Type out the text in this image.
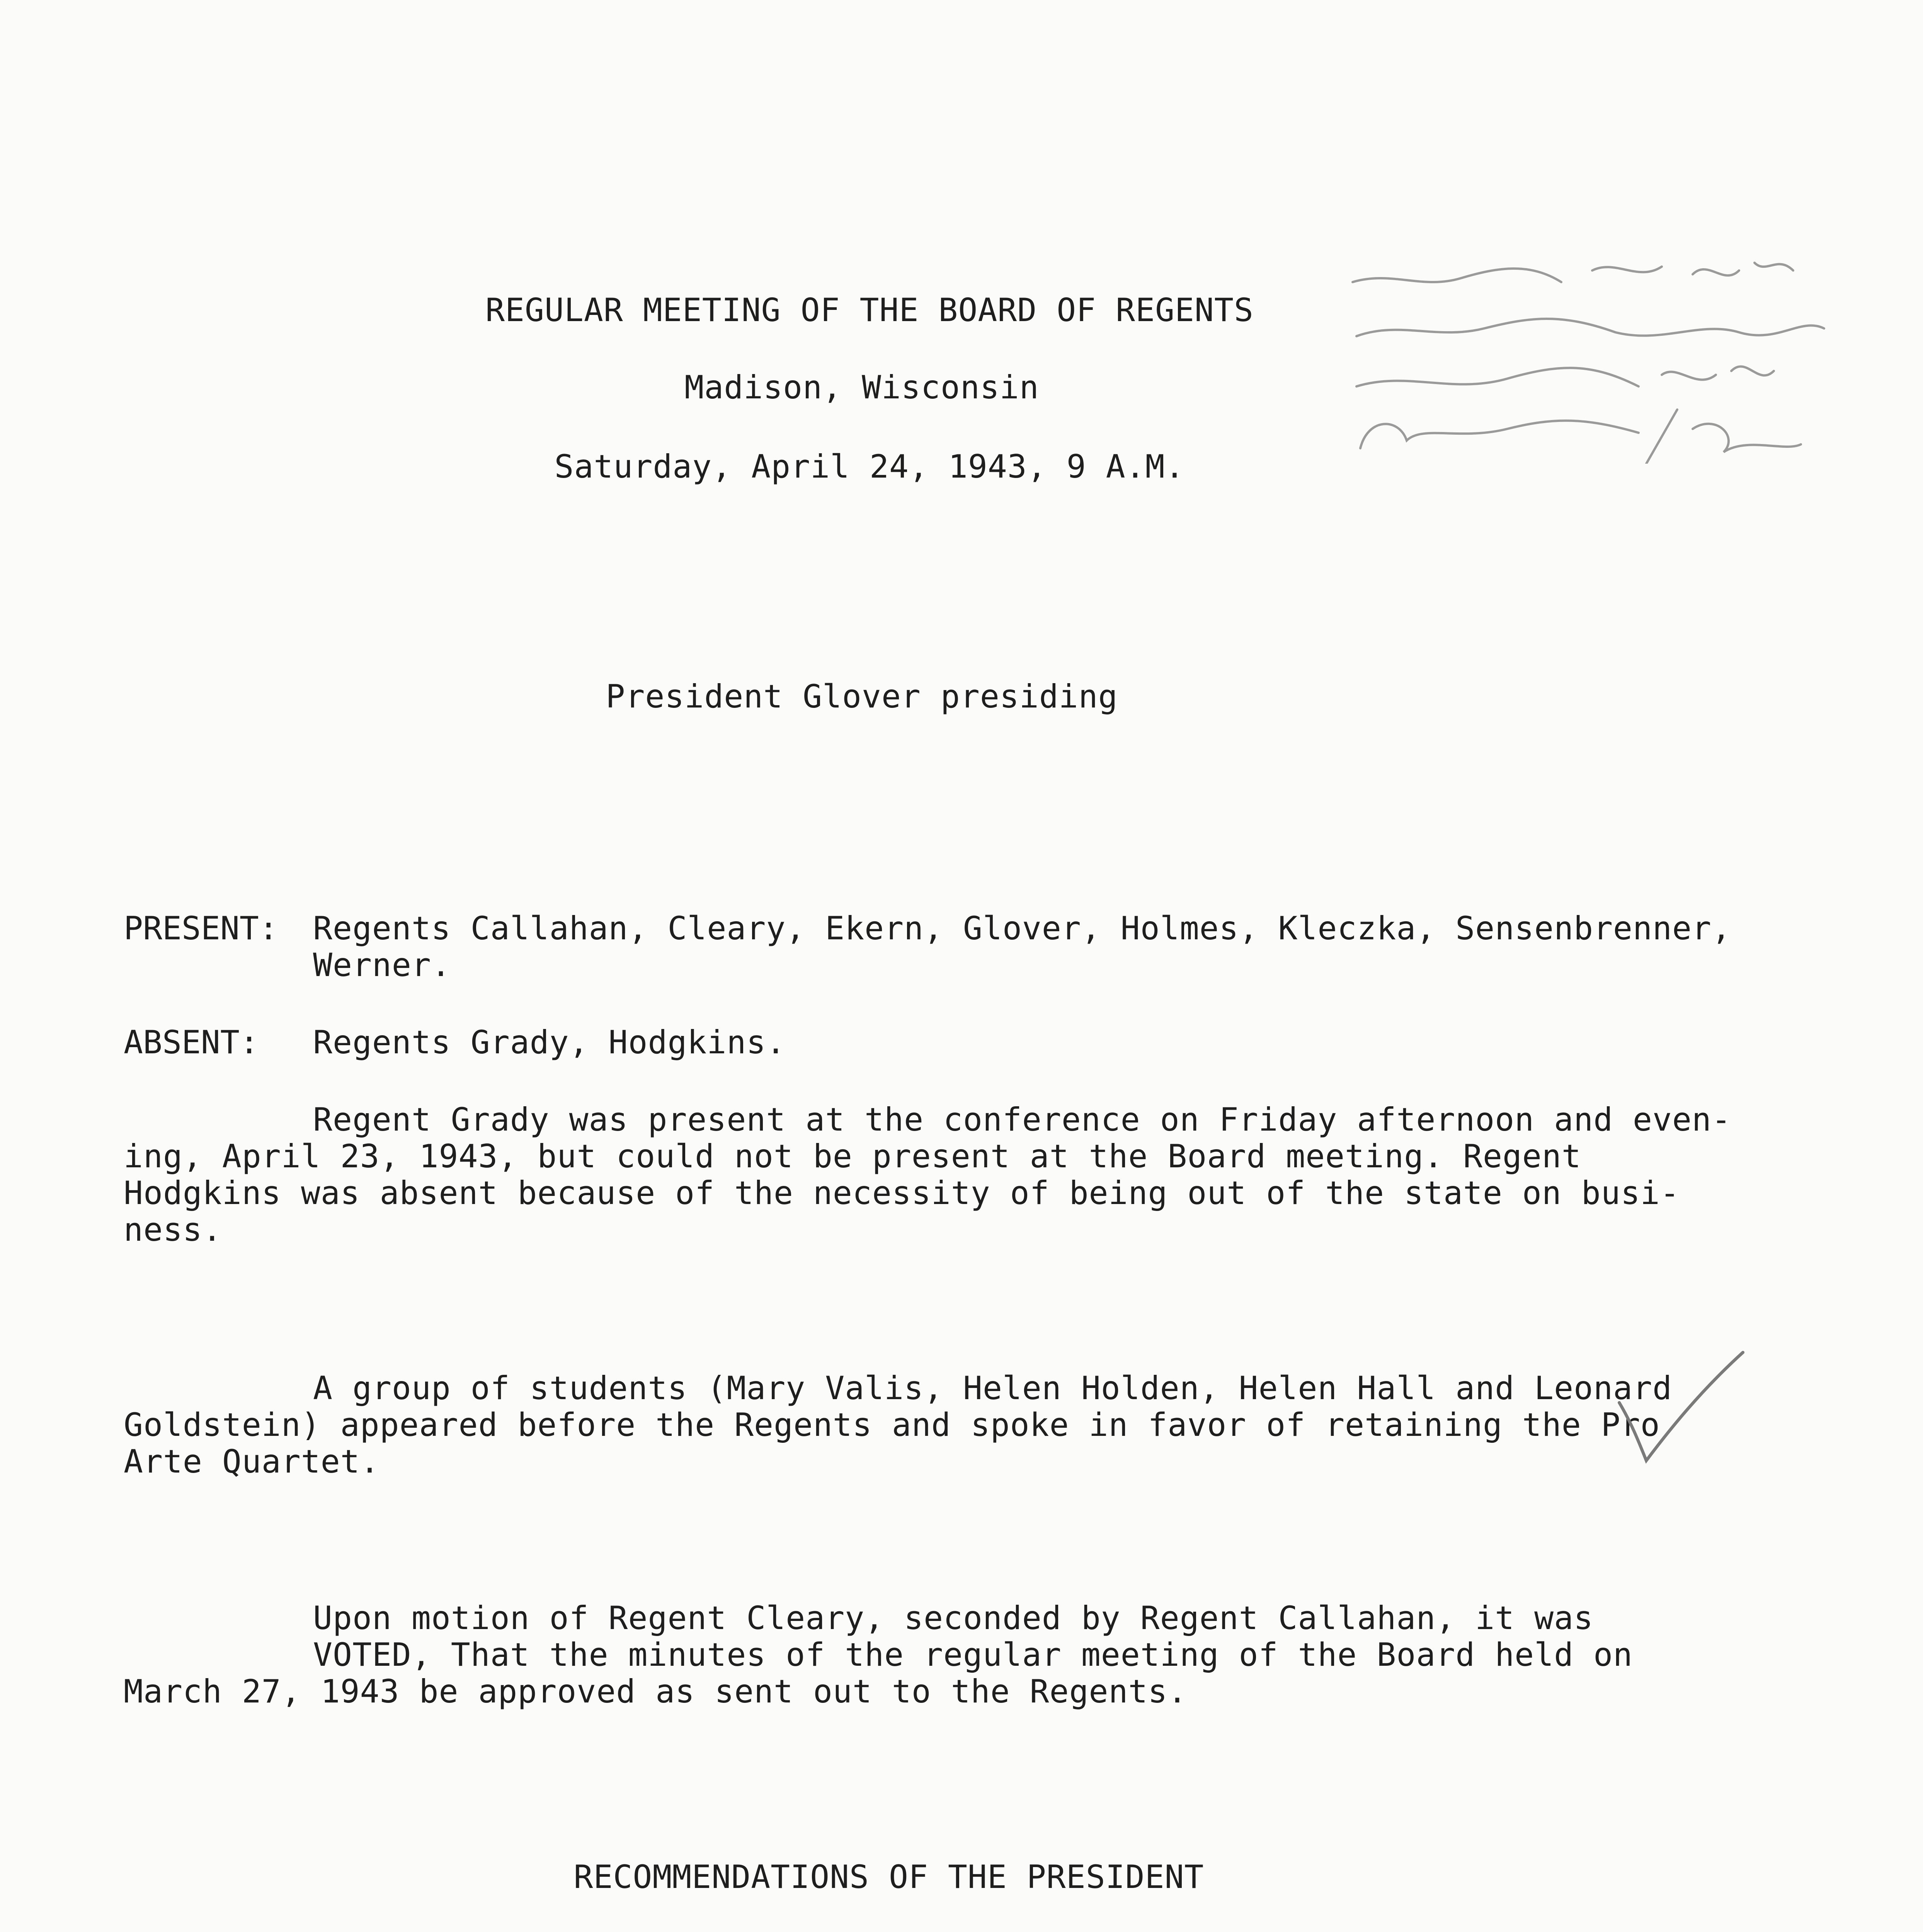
REGULAR MEETING OF THE BOARD OF REGENTS

Madison, Wisconsin

Saturday, April 24, 1943, 9 A.M.

President Glover presiding

PRESENT: Regents Callahan, Cleary, Ekern, Glover, Holmes, Kleczka, Sensenbrenner,

Werner.

ABSENT: Regents Grady, Hodgkins.

Regent Grady was present at the conference on Friday afternoon and even-

ing, April 23, 1943, but could not be present at the Board meeting. Regent

Hodgkins was absent because of the necessity of being out of the state on busi-

ness.

A group of students (Mary Valis, Helen Holden, Helen Hall and Leonard

Goldstein) appeared before the Regents and spoke in favor of retaining the Pro

Arte Quartet.

Upon motion of Regent Cleary, seconded by Regent Callahan, it was

VOTED, That the minutes of the regular meeting of the Board held on

March 27, 1943 be approved as sent out to the Regents.

RECOMMENDATIONS OF THE PRESIDENT
